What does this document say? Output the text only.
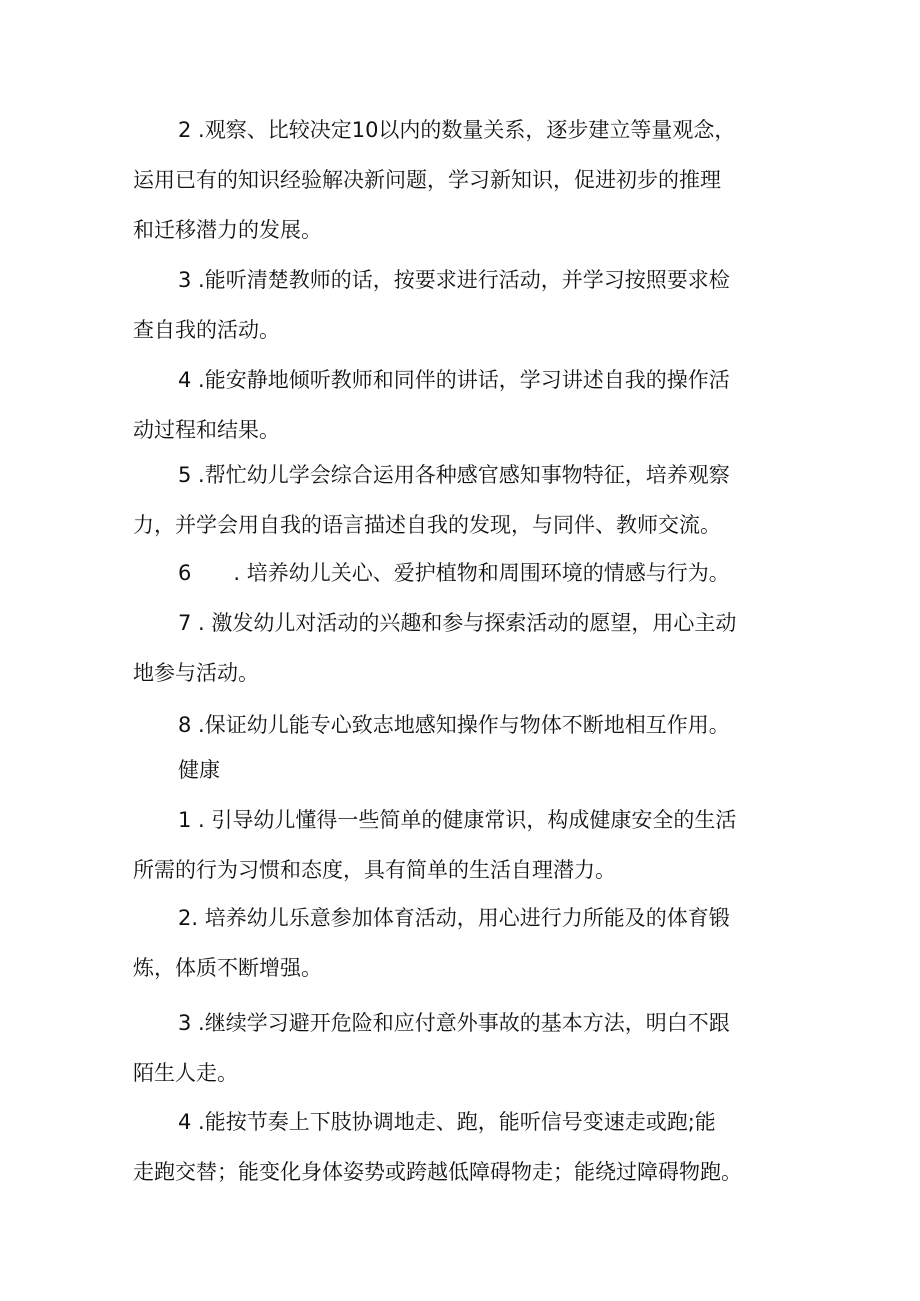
2 .观察、比较决定10以内的数量关系，逐步建立等量观念，
运用已有的知识经验解决新问题，学习新知识，促进初步的推理
和迁移潜力的发展。
3 .能听清楚教师的话，按要求进行活动，并学习按照要求检
查自我的活动。
4 .能安静地倾听教师和同伴的讲话，学习讲述自我的操作活
动过程和结果。
5 .帮忙幼儿学会综合运用各种感官感知事物特征，培养观察
力，并学会用自我的语言描述自我的发现，与同伴、教师交流。
6　　. 培养幼儿关心、爱护植物和周围环境的情感与行为。
7 . 激发幼儿对活动的兴趣和参与探索活动的愿望，用心主动
地参与活动。
8 .保证幼儿能专心致志地感知操作与物体不断地相互作用。
健康
1 . 引导幼儿懂得一些简单的健康常识，构成健康安全的生活
所需的行为习惯和态度，具有简单的生活自理潜力。
2. 培养幼儿乐意参加体育活动，用心进行力所能及的体育锻
炼，体质不断增强。
3 .继续学习避开危险和应付意外事故的基本方法，明白不跟
陌生人走。
4 .能按节奏上下肢协调地走、跑，能听信号变速走或跑;能
走跑交替；能变化身体姿势或跨越低障碍物走；能绕过障碍物跑。
